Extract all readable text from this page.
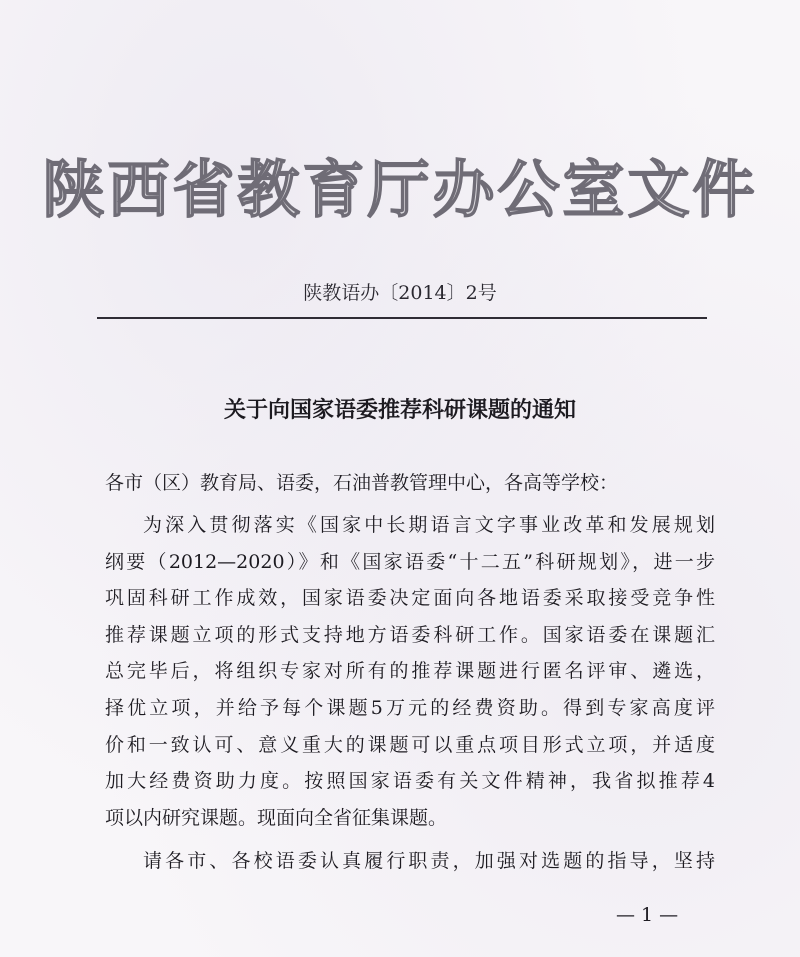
陕西省教育厅办公室文件
陕教语办〔2014〕2号
关于向国家语委推荐科研课题的通知
各市（区）教育局、语委，石油普教管理中心，各高等学校：
为深入贯彻落实《国家中长期语言文字事业改革和发展规划
纲要（2012—2020）》和《国家语委“十二五”科研规划》，进一步
巩固科研工作成效，国家语委决定面向各地语委采取接受竞争性
推荐课题立项的形式支持地方语委科研工作。国家语委在课题汇
总完毕后，将组织专家对所有的推荐课题进行匿名评审、遴选，
择优立项，并给予每个课题5万元的经费资助。得到专家高度评
价和一致认可、意义重大的课题可以重点项目形式立项，并适度
加大经费资助力度。按照国家语委有关文件精神，我省拟推荐4
项以内研究课题。现面向全省征集课题。
请各市、各校语委认真履行职责，加强对选题的指导，坚持
— 1 —
